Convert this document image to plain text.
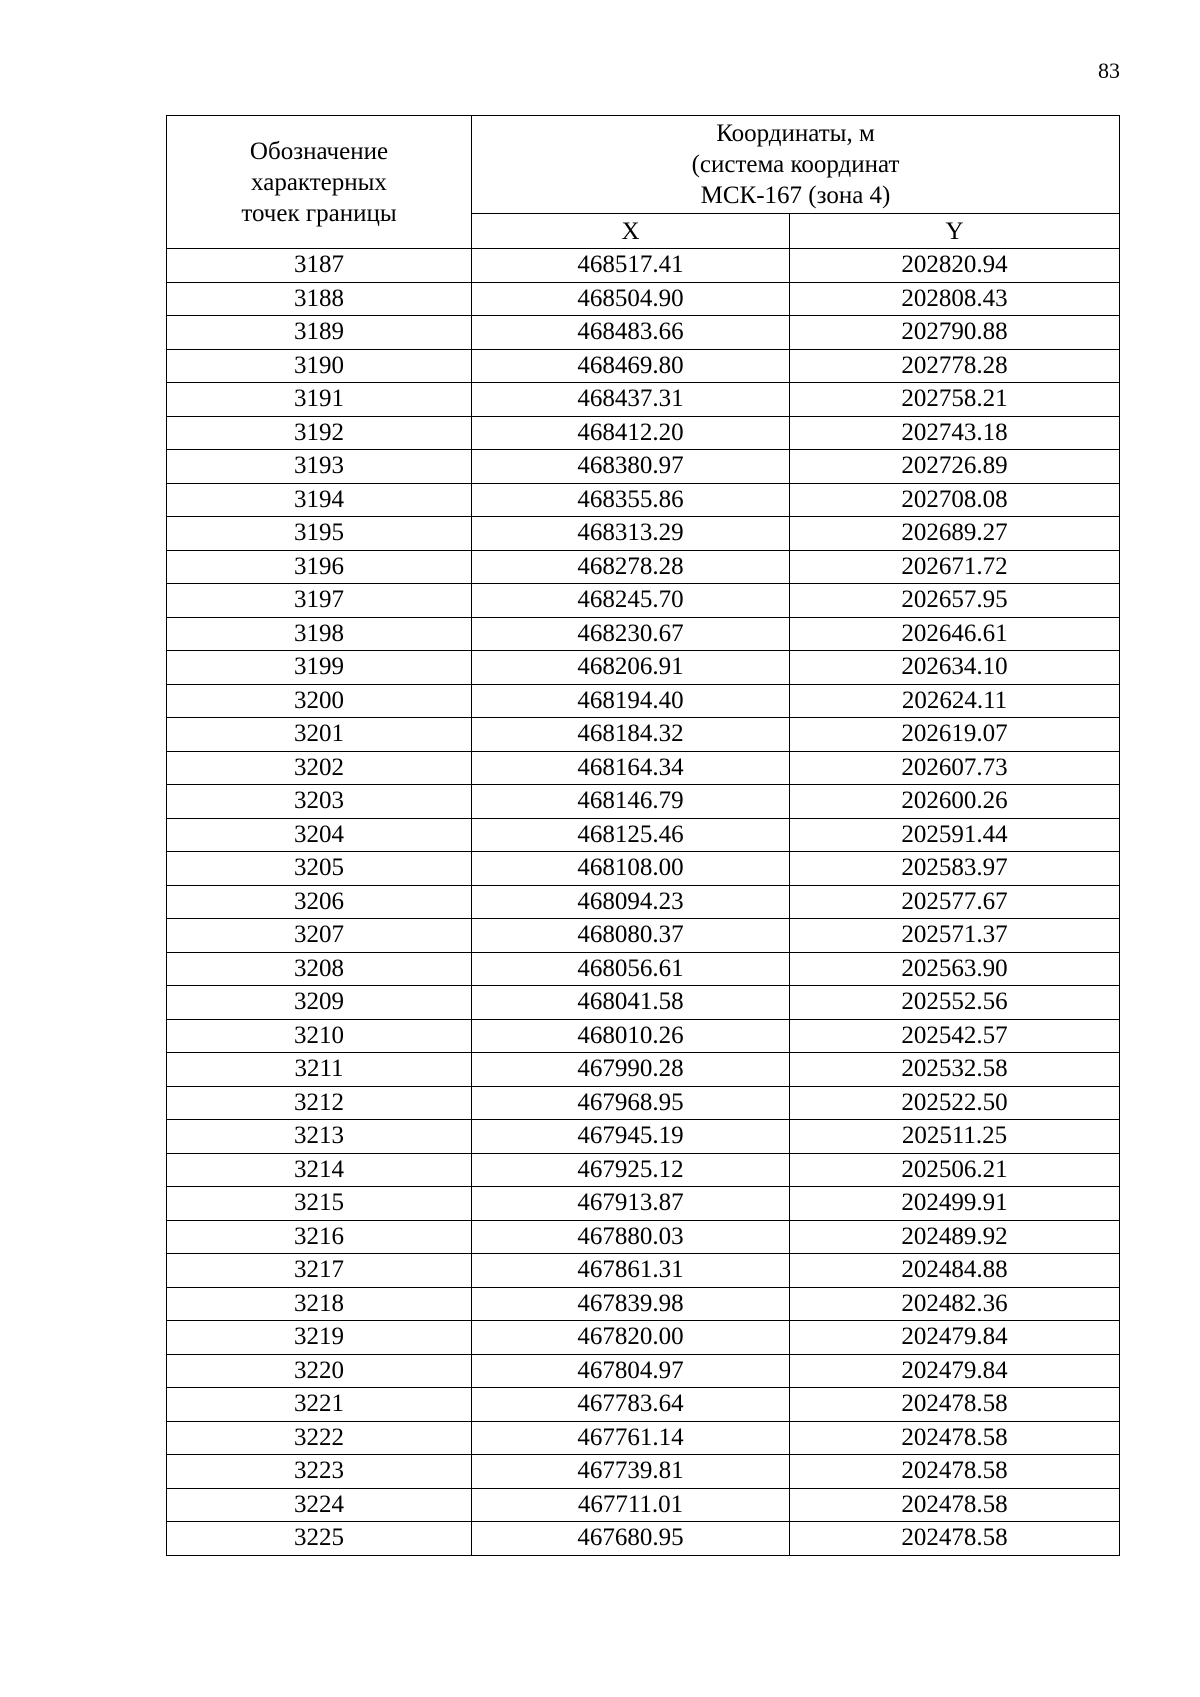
83
Обозначение
характерных
точек границы	Координаты, м
(система координат
МСК-167 (зона 4)	

	X	Y
3187	468517.41	202820.94
3188	468504.90	202808.43
3189	468483.66	202790.88
3190	468469.80	202778.28
3191	468437.31	202758.21
3192	468412.20	202743.18
3193	468380.97	202726.89
3194	468355.86	202708.08
3195	468313.29	202689.27
3196	468278.28	202671.72
3197	468245.70	202657.95
3198	468230.67	202646.61
3199	468206.91	202634.10
3200	468194.40	202624.11
3201	468184.32	202619.07
3202	468164.34	202607.73
3203	468146.79	202600.26
3204	468125.46	202591.44
3205	468108.00	202583.97
3206	468094.23	202577.67
3207	468080.37	202571.37
3208	468056.61	202563.90
3209	468041.58	202552.56
3210	468010.26	202542.57
3211	467990.28	202532.58
3212	467968.95	202522.50
3213	467945.19	202511.25
3214	467925.12	202506.21
3215	467913.87	202499.91
3216	467880.03	202489.92
3217	467861.31	202484.88
3218	467839.98	202482.36
3219	467820.00	202479.84
3220	467804.97	202479.84
3221	467783.64	202478.58
3222	467761.14	202478.58
3223	467739.81	202478.58
3224	467711.01	202478.58
3225	467680.95	202478.58
